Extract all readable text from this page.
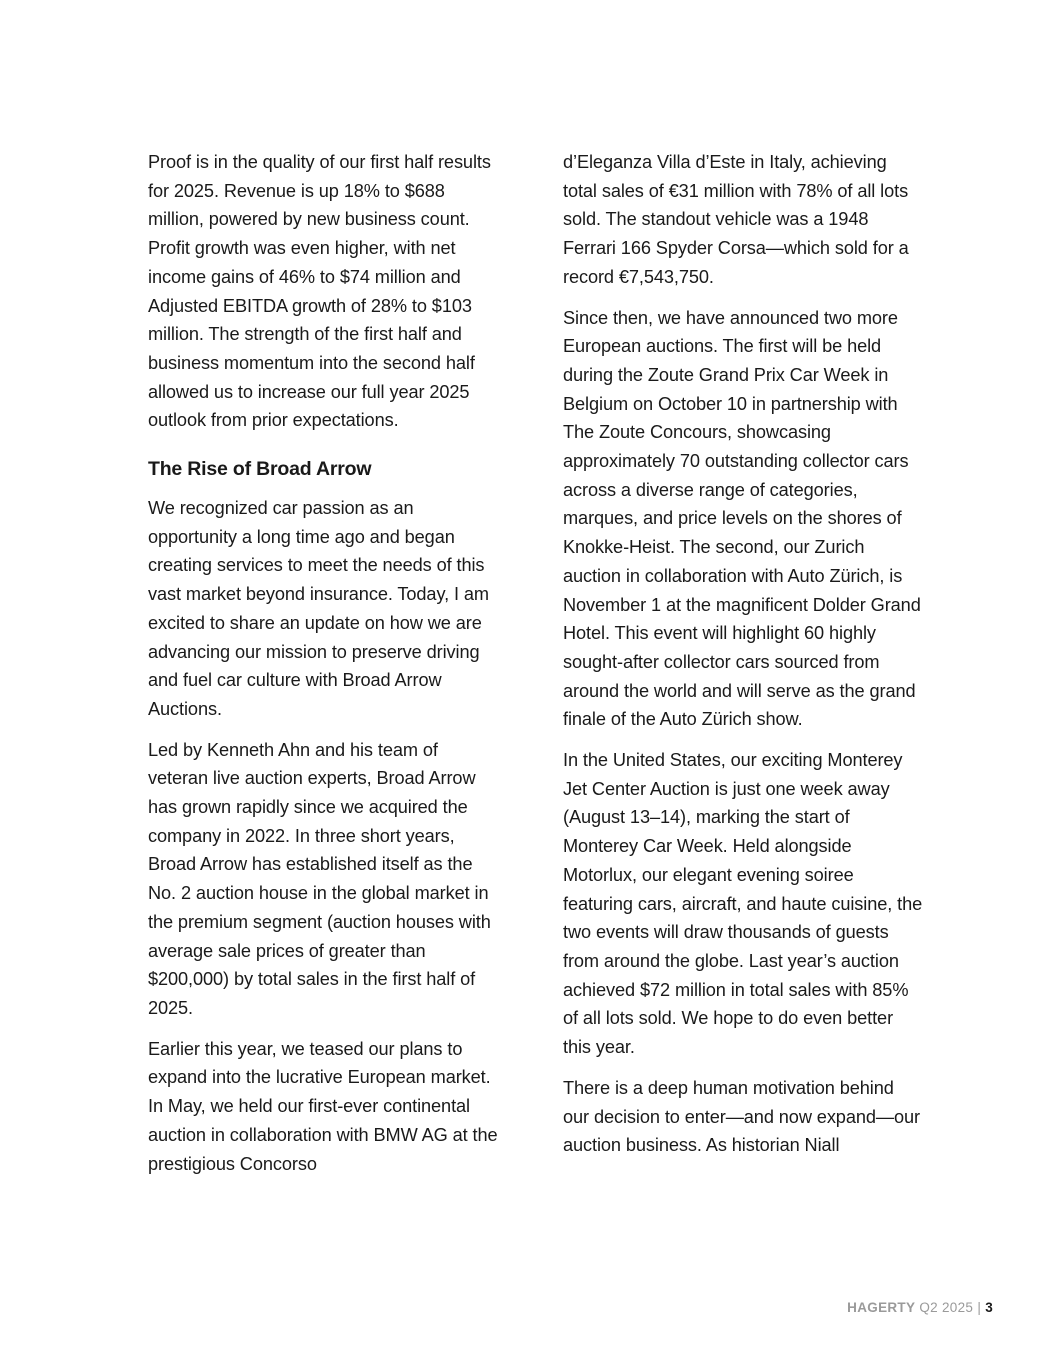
Proof is in the quality of our first half results for 2025. Revenue is up 18% to $688 million, powered by new business count. Profit growth was even higher, with net income gains of 46% to $74 million and Adjusted EBITDA growth of 28% to $103 million. The strength of the first half and business momentum into the second half allowed us to increase our full year 2025 outlook from prior expectations.

The Rise of Broad Arrow

We recognized car passion as an opportunity a long time ago and began creating services to meet the needs of this vast market beyond insurance. Today, I am excited to share an update on how we are advancing our mission to preserve driving and fuel car culture with Broad Arrow Auctions.

Led by Kenneth Ahn and his team of veteran live auction experts, Broad Arrow has grown rapidly since we acquired the company in 2022. In three short years, Broad Arrow has established itself as the No. 2 auction house in the global market in the premium segment (auction houses with average sale prices of greater than $200,000) by total sales in the first half of 2025.

Earlier this year, we teased our plans to expand into the lucrative European market. In May, we held our first-ever continental auction in collaboration with BMW AG at the prestigious Concorso

d’Eleganza Villa d’Este in Italy, achieving total sales of €31 million with 78% of all lots sold. The standout vehicle was a 1948 Ferrari 166 Spyder Corsa—which sold for a record €7,543,750.

Since then, we have announced two more European auctions. The first will be held during the Zoute Grand Prix Car Week in Belgium on October 10 in partnership with The Zoute Concours, showcasing approximately 70 outstanding collector cars across a diverse range of categories, marques, and price levels on the shores of Knokke-Heist. The second, our Zurich auction in collaboration with Auto Zürich, is November 1 at the magnificent Dolder Grand Hotel. This event will highlight 60 highly sought-after collector cars sourced from around the world and will serve as the grand finale of the Auto Zürich show.

In the United States, our exciting Monterey Jet Center Auction is just one week away (August 13–14), marking the start of Monterey Car Week. Held alongside Motorlux, our elegant evening soiree featuring cars, aircraft, and haute cuisine, the two events will draw thousands of guests from around the globe. Last year’s auction achieved $72 million in total sales with 85% of all lots sold. We hope to do even better this year.

There is a deep human motivation behind our decision to enter—and now expand—our auction business. As historian Niall

HAGERTY Q2 2025 | 3
